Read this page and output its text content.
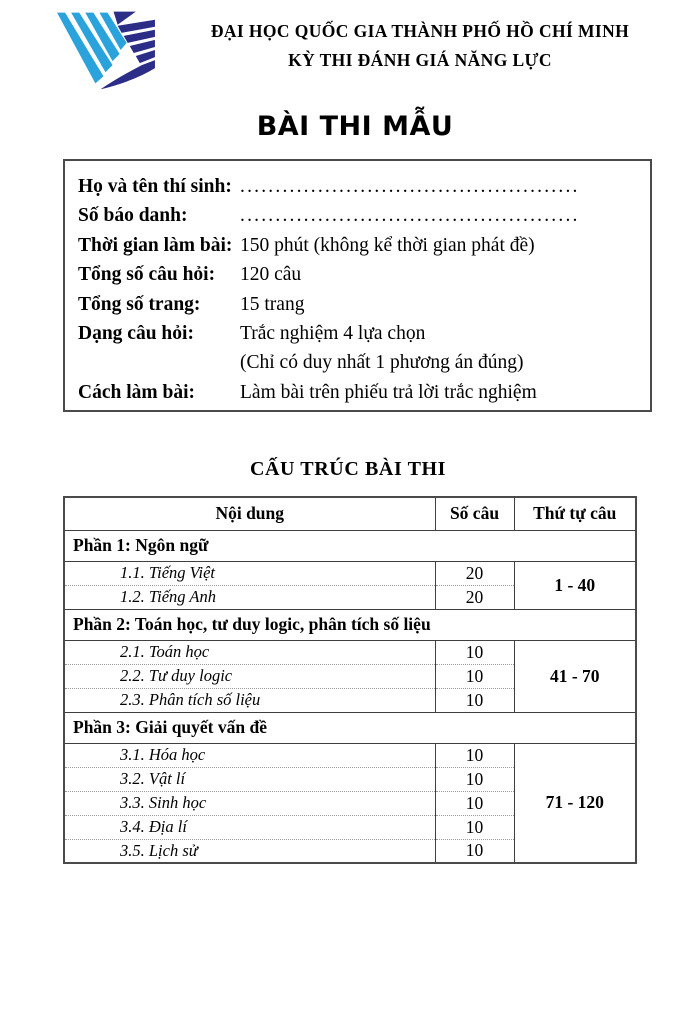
ĐẠI HỌC QUỐC GIA THÀNH PHỐ HỒ CHÍ MINH
KỲ THI ĐÁNH GIÁ NĂNG LỰC
BÀI THI MẪU
Họ và tên thí sinh: ................................................
Số báo danh:	................................................
Thời gian làm bài: 150 phút (không kể thời gian phát đề)
Tổng số câu hỏi:	120 câu
Tổng số trang:	15 trang
Dạng câu hỏi:	Trắc nghiệm 4 lựa chọn
(Chỉ có duy nhất 1 phương án đúng)
Cách làm bài:	Làm bài trên phiếu trả lời trắc nghiệm
CẤU TRÚC BÀI THI
Nội dung	Số câu	Thứ tự câu
Phần 1: Ngôn ngữ		
1.1. Tiếng Việt	20	1 - 40
1.2. Tiếng Anh	20	
Phần 2: Toán học, tư duy logic, phân tích số liệu		
2.1. Toán học	10	41 - 70
2.2. Tư duy logic	10	
2.3. Phân tích số liệu	10	
Phần 3: Giải quyết vấn đề		
3.1. Hóa học	10	71 - 120
3.2. Vật lí	10	
3.3. Sinh học	10	
3.4. Địa lí	10	
3.5. Lịch sử	10	
